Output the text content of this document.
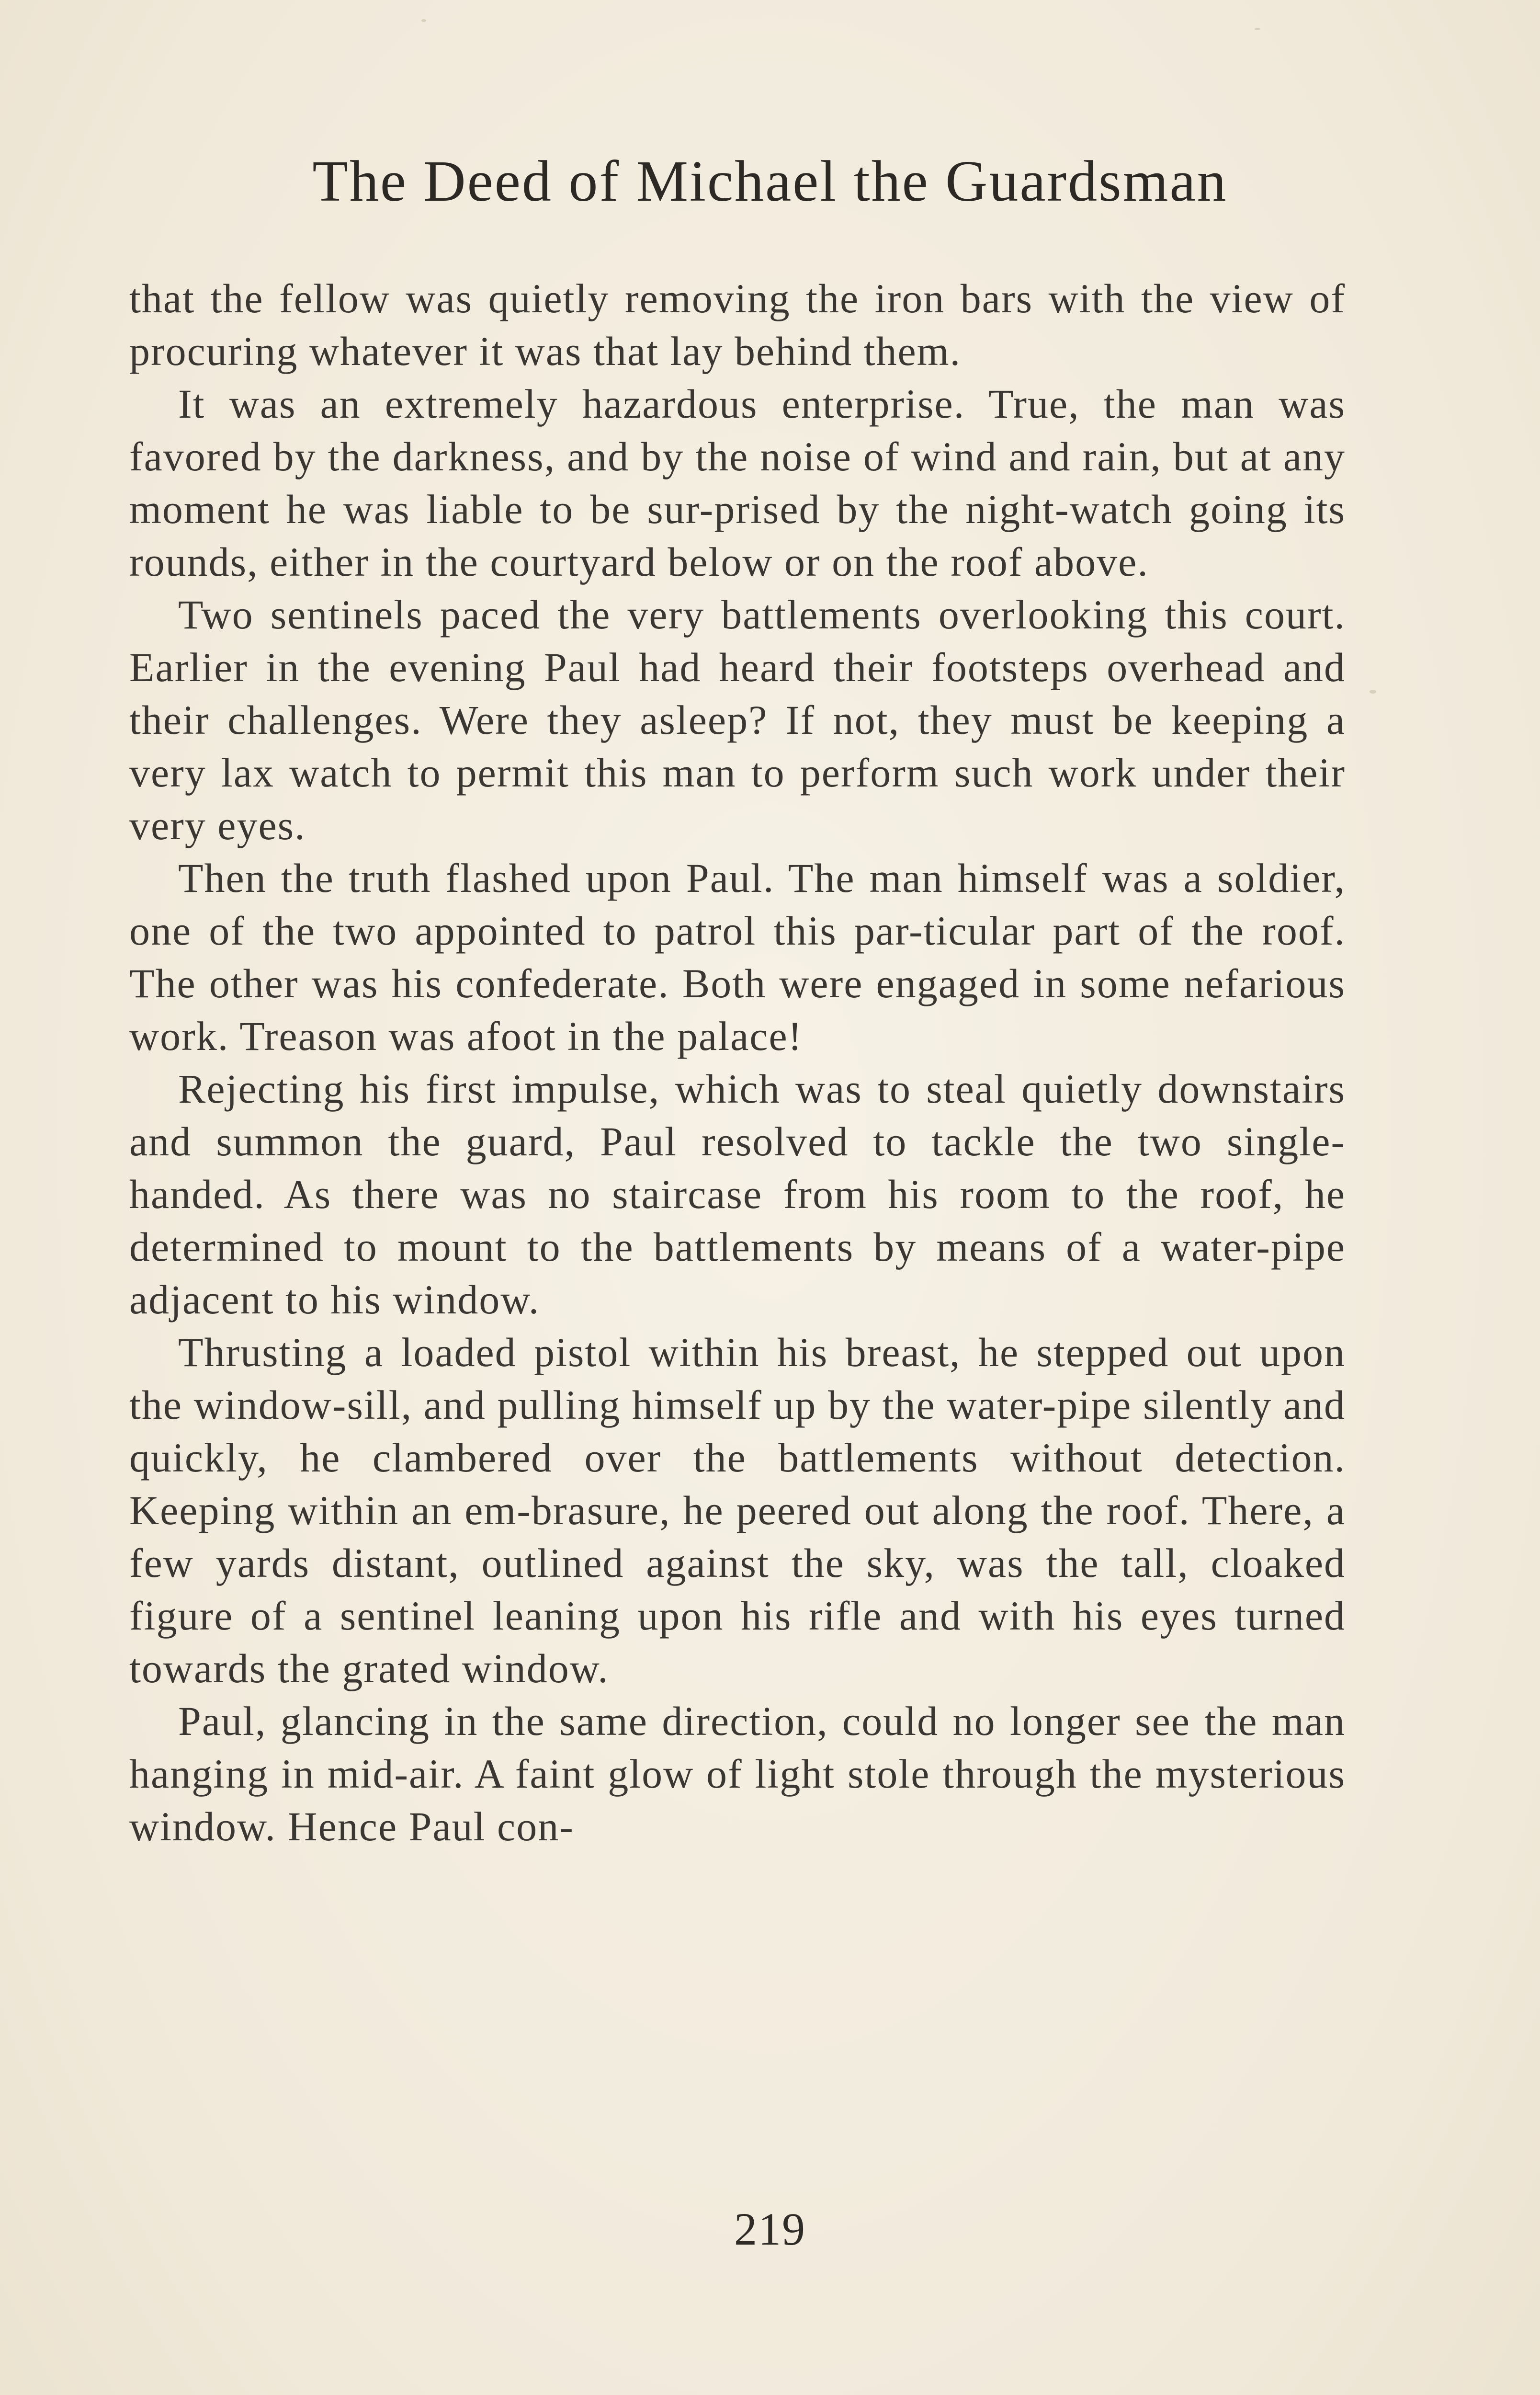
The Deed of Michael the Guardsman

that the fellow was quietly removing the iron bars with the view of procuring whatever it was that lay behind them.

It was an extremely hazardous enterprise. True, the man was favored by the darkness, and by the noise of wind and rain, but at any moment he was liable to be sur-prised by the night-watch going its rounds, either in the courtyard below or on the roof above.

Two sentinels paced the very battlements overlooking this court. Earlier in the evening Paul had heard their footsteps overhead and their challenges. Were they asleep? If not, they must be keeping a very lax watch to permit this man to perform such work under their very eyes.

Then the truth flashed upon Paul. The man himself was a soldier, one of the two appointed to patrol this par-ticular part of the roof. The other was his confederate. Both were engaged in some nefarious work. Treason was afoot in the palace!

Rejecting his first impulse, which was to steal quietly downstairs and summon the guard, Paul resolved to tackle the two single-handed. As there was no staircase from his room to the roof, he determined to mount to the battlements by means of a water-pipe adjacent to his window.

Thrusting a loaded pistol within his breast, he stepped out upon the window-sill, and pulling himself up by the water-pipe silently and quickly, he clambered over the battlements without detection. Keeping within an em-brasure, he peered out along the roof. There, a few yards distant, outlined against the sky, was the tall, cloaked figure of a sentinel leaning upon his rifle and with his eyes turned towards the grated window.

Paul, glancing in the same direction, could no longer see the man hanging in mid-air. A faint glow of light stole through the mysterious window. Hence Paul con-

219
